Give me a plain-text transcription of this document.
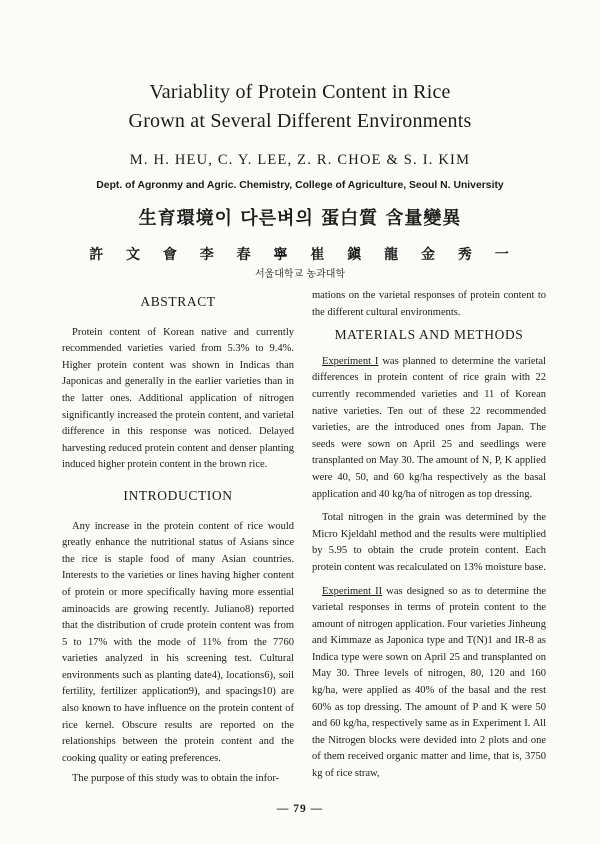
Variablity of Protein Content in Rice
Grown at Several Different Environments
M. H. HEU, C. Y. LEE, Z. R. CHOE & S. I. KIM
Dept. of Agronmy and Agric. Chemistry, College of Agriculture, Seoul N. University
生育環境이 다른벼의 蛋白質 含量變異
許 文 會 李 春 寧 崔 鎭 龍 金 秀 一
서울대학교 농과대학
ABSTRACT

Protein content of Korean native and currently recommended varieties varied from 5.3% to 9.4%. Higher protein content was shown in Indicas than Japonicas and generally in the earlier varieties than in the latter ones. Additional application of nitrogen significantly increased the protein content, and varietal difference in this response was noticed. Delayed harvesting reduced protein content and denser planting induced higher protein content in the brown rice.

INTRODUCTION

Any increase in the protein content of rice would greatly enhance the nutritional status of Asians since the rice is staple food of many Asian countries. Interests to the varieties or lines having higher content of protein or more specifically having more essential aminoacids are growing recently. Juliano8) reported that the distribution of crude protein content was from 5 to 17% with the mode of 11% from the 7760 varieties analyzed in his screening test. Cultural environments such as planting date4), locations6), soil fertility, fertilizer application9), and spacings10) are also known to have influence on the protein content of rice kernel. Obscure results are reported on the relationships between the protein content and the cooking quality or eating preferences.

The purpose of this study was to obtain the infor-

mations on the varietal responses of protein content to the different cultural environments.

MATERIALS AND METHODS

Experiment I was planned to determine the varietal differences in protein content of rice grain with 22 currently recommended varieties and 11 of Korean native varieties. Ten out of these 22 recommended varieties, are the introduced ones from Japan. The seeds were sown on April 25 and seedlings were transplanted on May 30. The amount of N, P, K applied were 40, 50, and 60 kg/ha respectively as the basal application and 40 kg/ha of nitrogen as top dressing.

Total nitrogen in the grain was determined by the Micro Kjeldahl method and the results were multiplied by 5.95 to obtain the crude protein content. Each protein content was recalculated on 13% moisture base.

Experiment II was designed so as to determine the varietal responses in terms of protein content to the amount of nitrogen application. Four varieties Jinheung and Kimmaze as Japonica type and T(N)1 and IR-8 as Indica type were sown on April 25 and transplanted on May 30. Three levels of nitrogen, 80, 120 and 160 kg/ha, were applied as 40% of the basal and the rest 60% as top dressing. The amount of P and K were 50 and 60 kg/ha, respectively same as in Experiment I. All the Nitrogen blocks were devided into 2 plots and one of them received organic matter and lime, that is, 3750 kg of rice straw,

— 79 —
